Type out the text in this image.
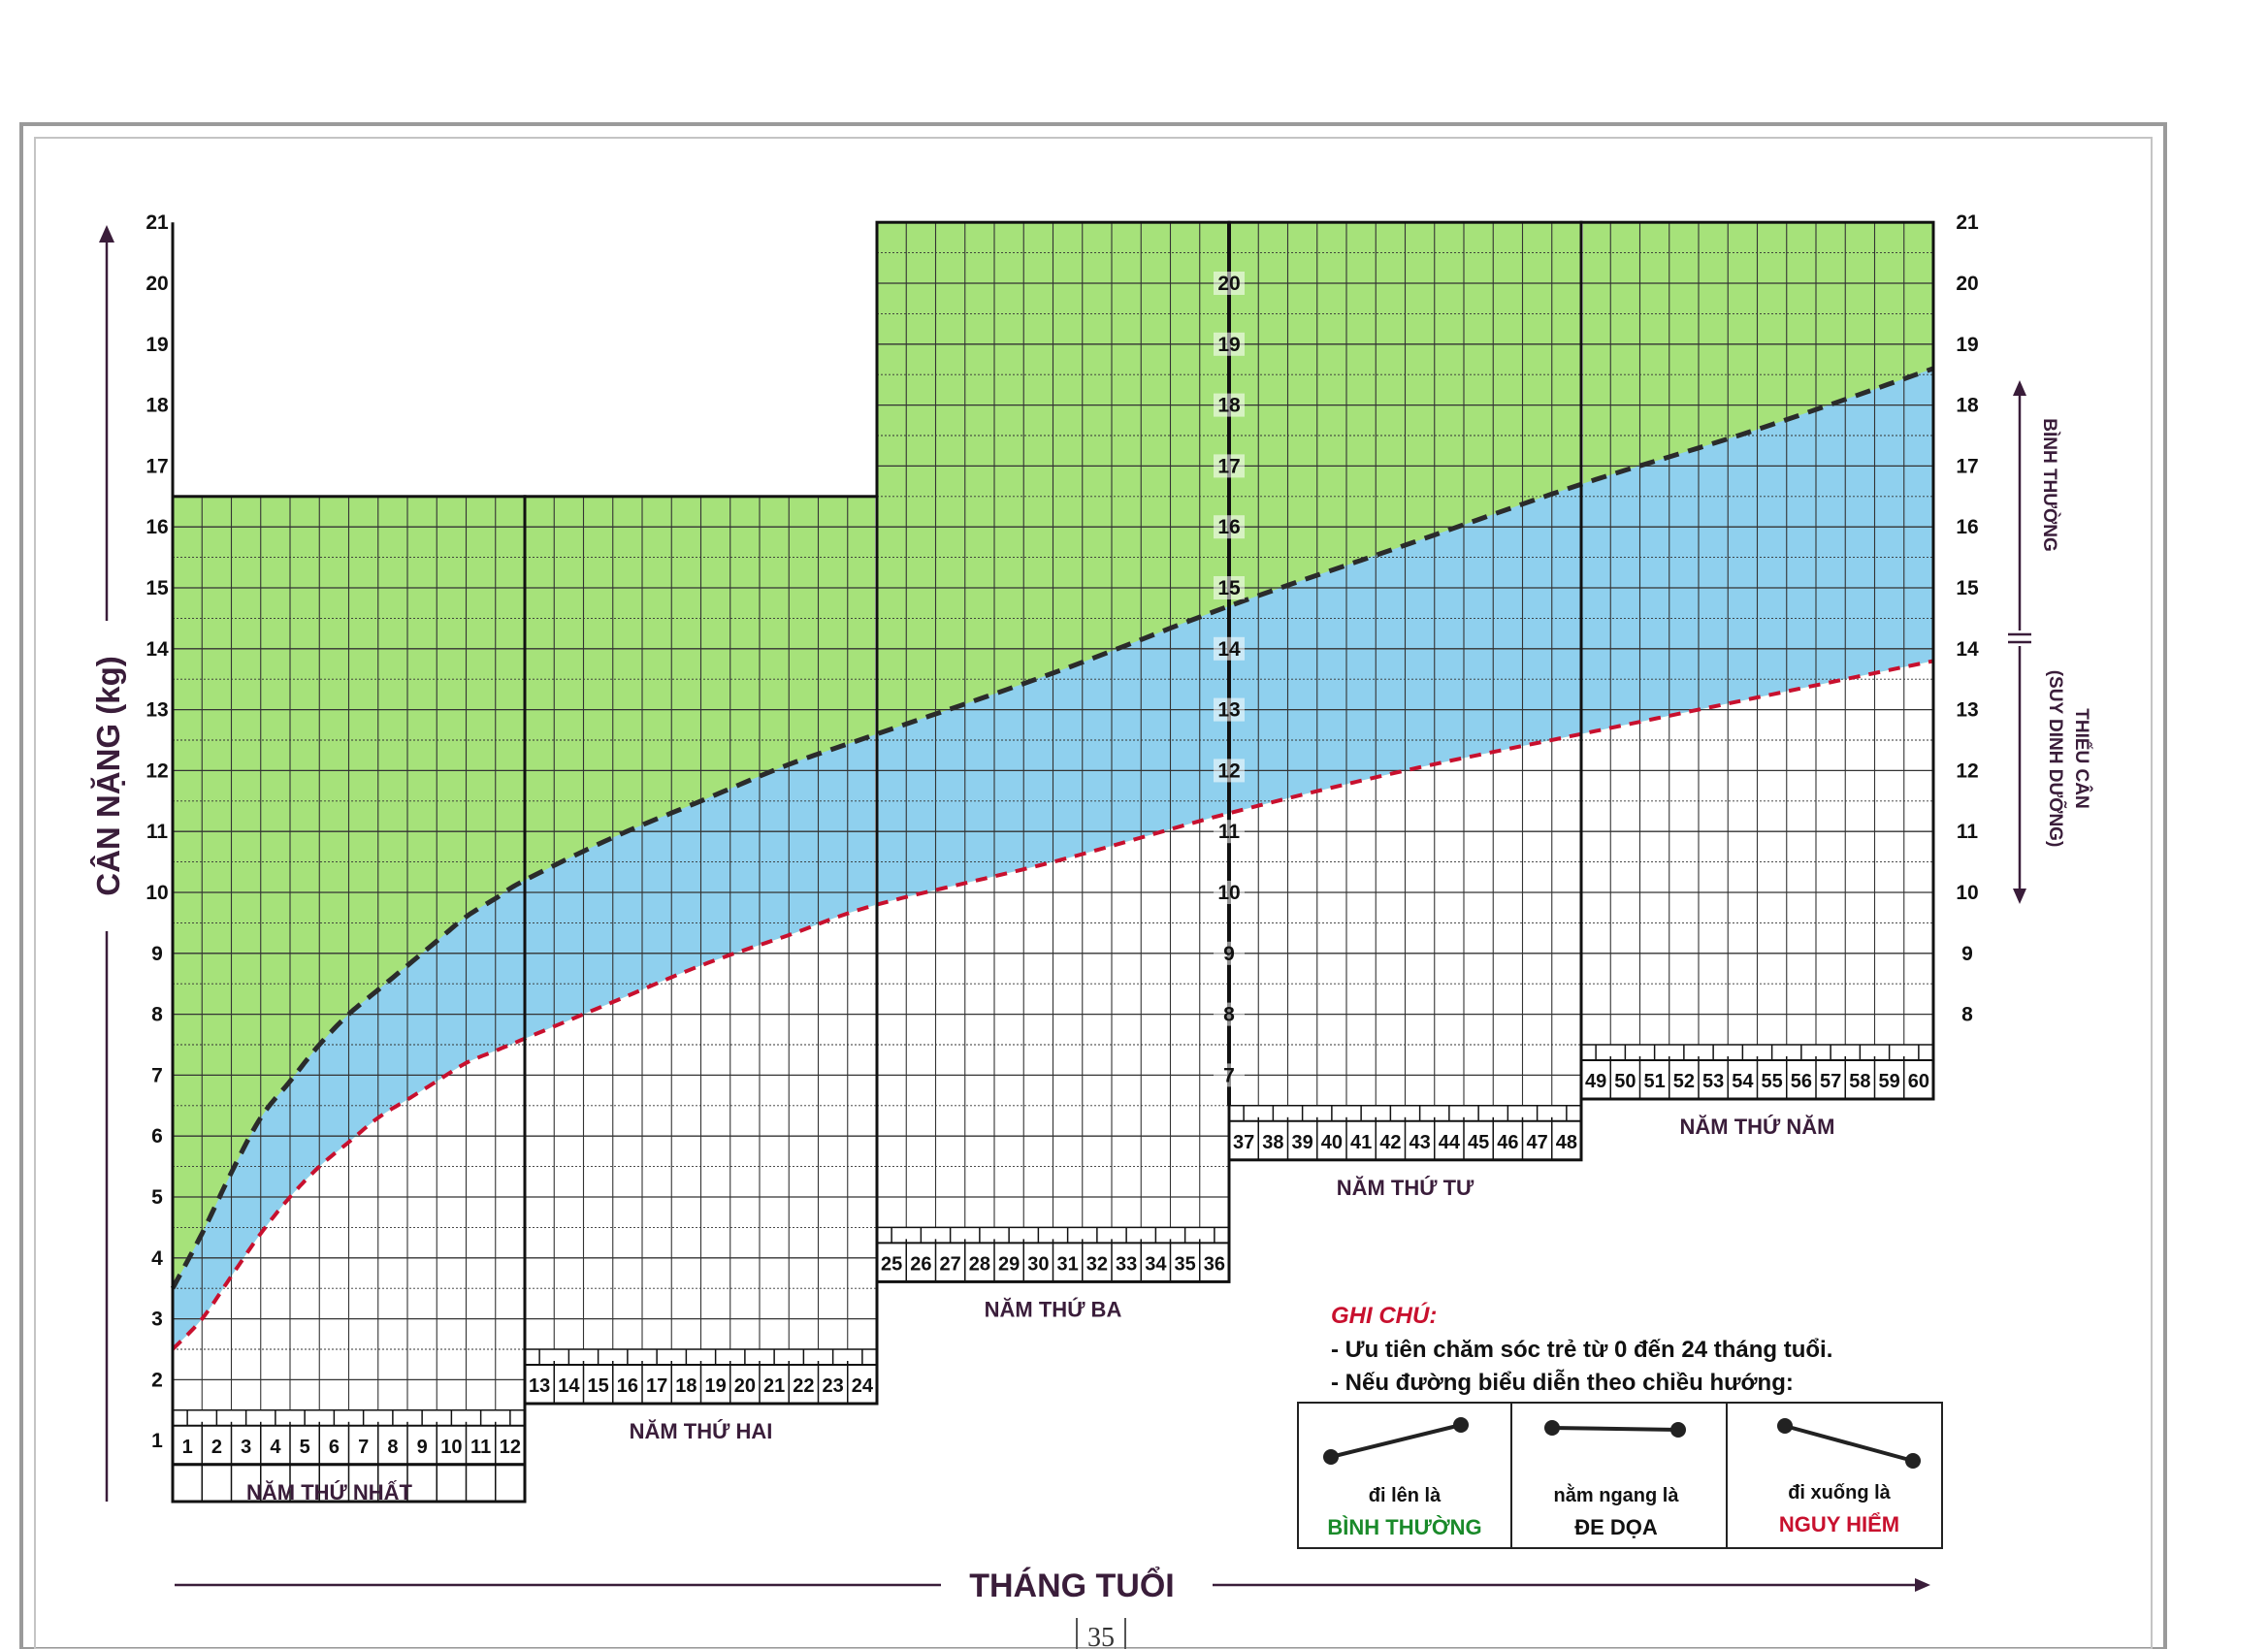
1 2 3 4 5 6 7 8 9 10 11 12
NĂM THỨ NHẤT
13 14 15 16 17 18 19 20 21 22 23 24
NĂM THỨ HAI
25 26 27 28 29 30 31 32 33 34 35 36
NĂM THỨ BA
37 38 39 40 41 42 43 44 45 46 47 48
NĂM THỨ TƯ
49 50 51 52 53 54 55 56 57 58 59 60
NĂM THỨ NĂM
1
2
3
4
5
6
7
8
9
10
11
12
13
14
15
16
17
18
19
20
21
8
9
10
11
12
13
14
15
16
17
18
19
20
21
7
8
9
10
11
12
13
14
15
16
17
18
19
20
CÂN NẶNG (kg)
THÁNG TUỔI
BÌNH THƯỜNG
THIẾU CÂN
(SUY DINH DƯỠNG)
GHI CHÚ:
- Ưu tiên chăm sóc trẻ từ 0 đến 24 tháng tuổi.
- Nếu đường biểu diễn theo chiều hướng:
đi lên là
BÌNH THƯỜNG
nằm ngang là
ĐE DỌA
đi xuống là
NGUY HIỂM
35
